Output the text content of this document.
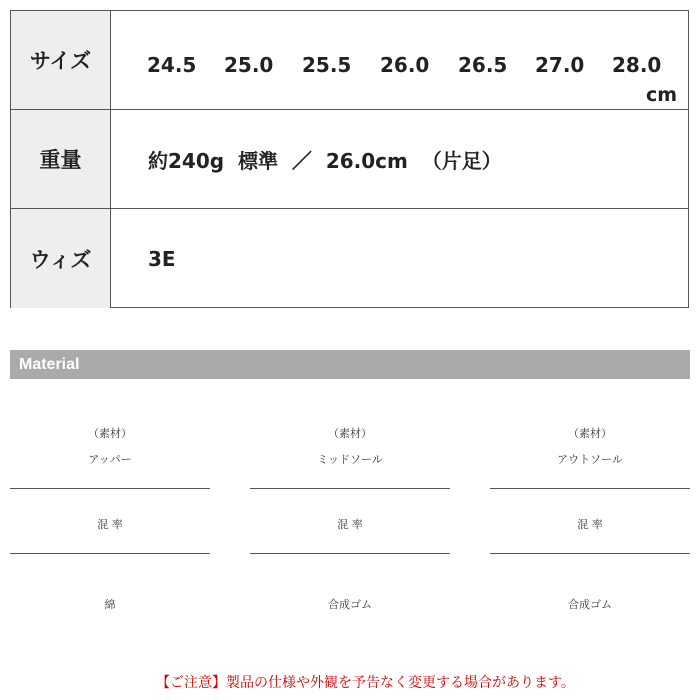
サイズ	24.5 25.0 25.5 26.0 26.5 27.0 28.0
cm
重量	約240g  標準  ／  26.0cm  （片足）
ウィズ	3E
Material
（素材）
アッパー
混 率
綿
（素材）
ミッドソール
混 率
合成ゴム
（素材）
アウトソール
混 率
合成ゴム
【ご注意】製品の仕様や外観を予告なく変更する場合があります。
